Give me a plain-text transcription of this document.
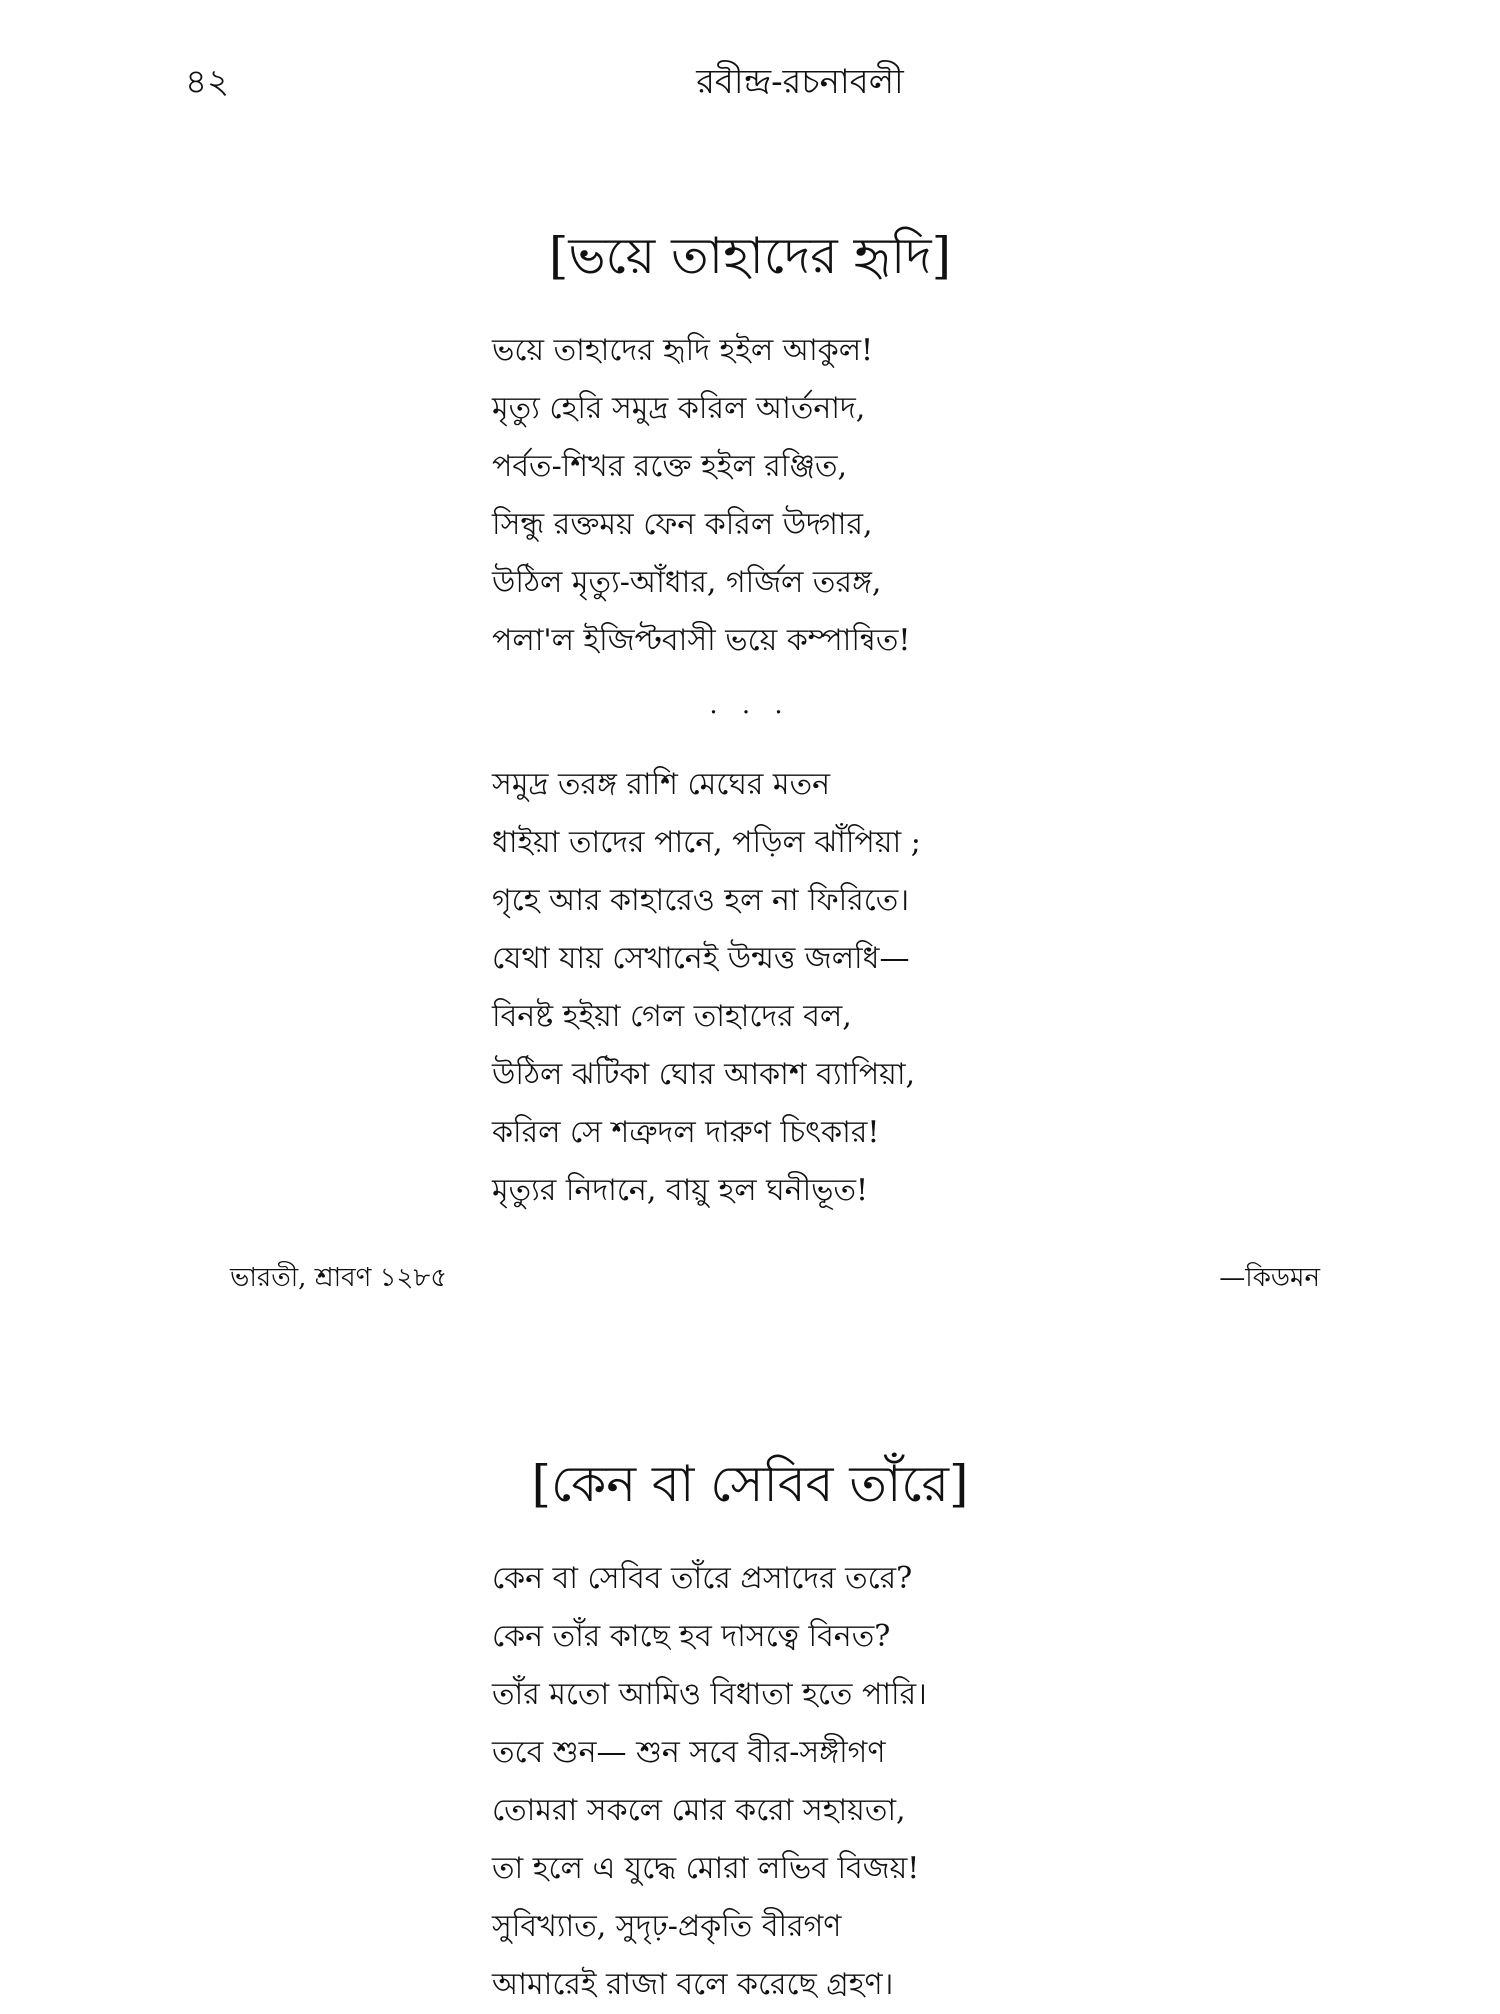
৪২	রবীন্দ্র-রচনাবলী
[ভয়ে তাহাদের হৃদি]
ভয়ে তাহাদের হৃদি হইল আকুল!
মৃত্যু হেরি সমুদ্র করিল আর্তনাদ,
পর্বত-শিখর রক্তে হইল রঞ্জিত,
সিন্ধু রক্তময় ফেন করিল উদ্গার,
উঠিল মৃত্যু-আঁধার, গর্জিল তরঙ্গ,
পলা'ল ইজিপ্টবাসী ভয়ে কম্পান্বিত!
. . .
সমুদ্র তরঙ্গ রাশি মেঘের মতন
ধাইয়া তাদের পানে, পড়িল ঝাঁপিয়া ;
গৃহে আর কাহারেও হল না ফিরিতে।
যেথা যায় সেখানেই উন্মত্ত জলধি—
বিনষ্ট হইয়া গেল তাহাদের বল,
উঠিল ঝটিকা ঘোর আকাশ ব্যাপিয়া,
করিল সে শত্রুদল দারুণ চিৎকার!
মৃত্যুর নিদানে, বায়ু হল ঘনীভূত!
ভারতী, শ্রাবণ ১২৮৫	—কিডমন
[কেন বা সেবিব তাঁরে]
কেন বা সেবিব তাঁরে প্রসাদের তরে?
কেন তাঁর কাছে হব দাসত্বে বিনত?
তাঁর মতো আমিও বিধাতা হতে পারি।
তবে শুন— শুন সবে বীর-সঙ্গীগণ
তোমরা সকলে মোর করো সহায়তা,
তা হলে এ যুদ্ধে মোরা লভিব বিজয়!
সুবিখ্যাত, সুদৃঢ়-প্রকৃতি বীরগণ
আমারেই রাজা বলে করেছে গ্রহণ।
